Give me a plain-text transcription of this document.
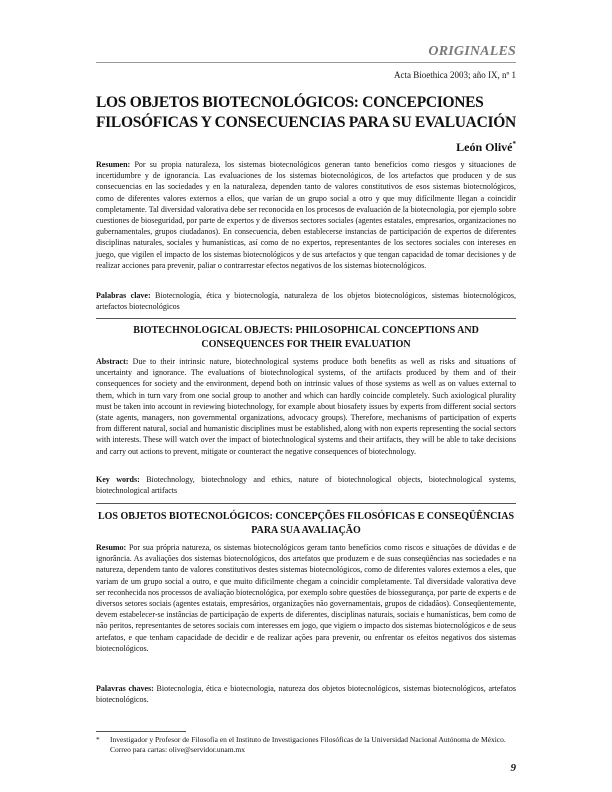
ORIGINALES
Acta Bioethica 2003; año IX, nº 1
LOS OBJETOS BIOTECNOLÓGICOS: CONCEPCIONES FILOSÓFICAS Y CONSECUENCIAS PARA SU EVALUACIÓN
León Olivé*
Resumen: Por su propia naturaleza, los sistemas biotecnológicos generan tanto beneficios como riesgos y situaciones de incertidumbre y de ignorancia. Las evaluaciones de los sistemas biotecnológicos, de los artefactos que producen y de sus consecuencias en las sociedades y en la naturaleza, dependen tanto de valores constitutivos de esos sistemas biotecnológicos, como de diferentes valores externos a ellos, que varían de un grupo social a otro y que muy difícilmente llegan a coincidir completamente. Tal diversidad valorativa debe ser reconocida en los procesos de evaluación de la biotecnología, por ejemplo sobre cuestiones de bioseguridad, por parte de expertos y de diversos sectores sociales (agentes estatales, empresarios, organizaciones no gubernamentales, grupos ciudadanos). En consecuencia, deben establecerse instancias de participación de expertos de diferentes disciplinas naturales, sociales y humanísticas, así como de no expertos, representantes de los sectores sociales con intereses en juego, que vigilen el impacto de los sistemas biotecnológicos y de sus artefactos y que tengan capacidad de tomar decisiones y de realizar acciones para prevenir, paliar o contrarrestar efectos negativos de los sistemas biotecnológicos.
Palabras clave: Biotecnología, ética y biotecnología, naturaleza de los objetos biotecnológicos, sistemas biotecnológicos, artefactos biotecnológicos
BIOTECHNOLOGICAL OBJECTS: PHILOSOPHICAL CONCEPTIONS AND CONSEQUENCES FOR THEIR EVALUATION
Abstract: Due to their intrinsic nature, biotechnological systems produce both benefits as well as risks and situations of uncertainty and ignorance. The evaluations of biotechnological systems, of the artifacts produced by them and of their consequences for society and the environment, depend both on intrinsic values of those systems as well as on values external to them, which in turn vary from one social group to another and which can hardly coincide completely. Such axiological plurality must be taken into account in reviewing biotechnology, for example about biosafety issues by experts from different social sectors (state agents, managers, non governmental organizations, advocacy groups). Therefore, mechanisms of participation of experts from different natural, social and humanistic disciplines must be established, along with non experts representing the social sectors with interests. These will watch over the impact of biotechnological systems and their artifacts, they will be able to take decisions and carry out actions to prevent, mitigate or counteract the negative consequences of biotechnology.
Key words: Biotechnology, biotechnology and ethics, nature of biotechnological objects, biotechnological systems, biotechnological artifacts
LOS OBJETOS BIOTECNOLÓGICOS: CONCEPÇÕES FILOSÓFICAS E CONSEQÜÊNCIAS PARA SUA AVALIAÇÃO
Resumo: Por sua própria natureza, os sistemas biotecnológicos geram tanto benefícios como riscos e situações de dúvidas e de ignorância. As avaliações dos sistemas biotecnológicos, dos artefatos que produzem e de suas conseqüências nas sociedades e na natureza, dependem tanto de valores constitutivos destes sistemas biotecnológicos, como de diferentes valores externos a eles, que variam de um grupo social a outro, e que muito dificilmente chegam a coincidir completamente. Tal diversidade valorativa deve ser reconhecida nos processos de avaliação biotecnológica, por exemplo sobre questões de biossegurança, por parte de experts e de diversos setores sociais (agentes estatais, empresários, organizações não governamentais, grupos de cidadãos). Conseqüentemente, devem estabelecer-se instâncias de participação de experts de diferentes, disciplinas naturais, sociais e humanísticas, bem como de não peritos, representantes de setores sociais com interesses em jogo, que vigiem o impacto dos sistemas biotecnológicos e de seus artefatos, e que tenham capacidade de decidir e de realizar ações para prevenir, ou enfrentar os efeitos negativos dos sistemas biotecnológicos.
Palavras chaves: Biotecnologia, ética e biotecnologia, natureza dos objetos biotecnológicos, sistemas biotecnológicos, artefatos biotecnológicos.
* Investigador y Profesor de Filosofía en el Instituto de Investigaciones Filosóficas de la Universidad Nacional Autónoma de México. Correo para cartas: olive@servidor.unam.mx
9
